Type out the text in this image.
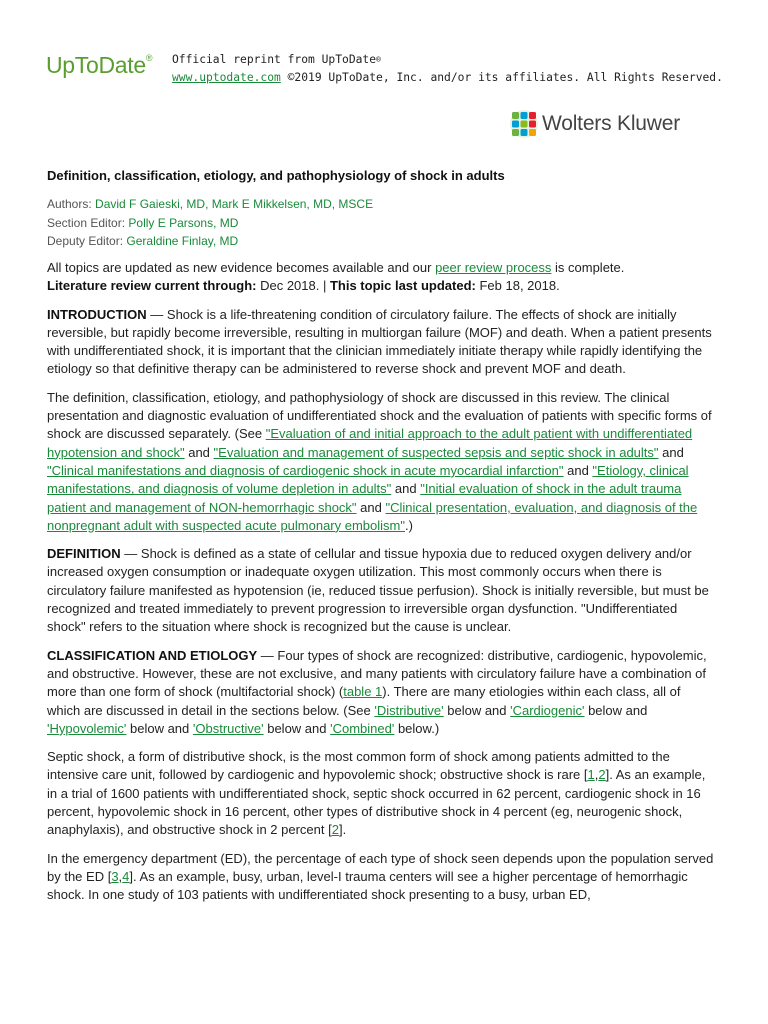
UpToDate® Official reprint from UpToDate®
www.uptodate.com ©2019 UpToDate, Inc. and/or its affiliates. All Rights Reserved.
Wolters Kluwer
Definition, classification, etiology, and pathophysiology of shock in adults
Authors: David F Gaieski, MD, Mark E Mikkelsen, MD, MSCE
Section Editor: Polly E Parsons, MD
Deputy Editor: Geraldine Finlay, MD

All topics are updated as new evidence becomes available and our peer review process is complete.
Literature review current through: Dec 2018. | This topic last updated: Feb 18, 2018.

INTRODUCTION — Shock is a life-threatening condition of circulatory failure. The effects of shock are initially reversible, but rapidly become irreversible, resulting in multiorgan failure (MOF) and death. When a patient presents with undifferentiated shock, it is important that the clinician immediately initiate therapy while rapidly identifying the etiology so that definitive therapy can be administered to reverse shock and prevent MOF and death.

The definition, classification, etiology, and pathophysiology of shock are discussed in this review. The clinical presentation and diagnostic evaluation of undifferentiated shock and the evaluation of patients with specific forms of shock are discussed separately. (See "Evaluation of and initial approach to the adult patient with undifferentiated hypotension and shock" and "Evaluation and management of suspected sepsis and septic shock in adults" and "Clinical manifestations and diagnosis of cardiogenic shock in acute myocardial infarction" and "Etiology, clinical manifestations, and diagnosis of volume depletion in adults" and "Initial evaluation of shock in the adult trauma patient and management of NON-hemorrhagic shock" and "Clinical presentation, evaluation, and diagnosis of the nonpregnant adult with suspected acute pulmonary embolism".)

DEFINITION — Shock is defined as a state of cellular and tissue hypoxia due to reduced oxygen delivery and/or increased oxygen consumption or inadequate oxygen utilization. This most commonly occurs when there is circulatory failure manifested as hypotension (ie, reduced tissue perfusion). Shock is initially reversible, but must be recognized and treated immediately to prevent progression to irreversible organ dysfunction. "Undifferentiated shock" refers to the situation where shock is recognized but the cause is unclear.

CLASSIFICATION AND ETIOLOGY — Four types of shock are recognized: distributive, cardiogenic, hypovolemic, and obstructive. However, these are not exclusive, and many patients with circulatory failure have a combination of more than one form of shock (multifactorial shock) (table 1). There are many etiologies within each class, all of which are discussed in detail in the sections below. (See 'Distributive' below and 'Cardiogenic' below and 'Hypovolemic' below and 'Obstructive' below and 'Combined' below.)

Septic shock, a form of distributive shock, is the most common form of shock among patients admitted to the intensive care unit, followed by cardiogenic and hypovolemic shock; obstructive shock is rare [1,2]. As an example, in a trial of 1600 patients with undifferentiated shock, septic shock occurred in 62 percent, cardiogenic shock in 16 percent, hypovolemic shock in 16 percent, other types of distributive shock in 4 percent (eg, neurogenic shock, anaphylaxis), and obstructive shock in 2 percent [2].

In the emergency department (ED), the percentage of each type of shock seen depends upon the population served by the ED [3,4]. As an example, busy, urban, level-I trauma centers will see a higher percentage of hemorrhagic shock. In one study of 103 patients with undifferentiated shock presenting to a busy, urban ED,
